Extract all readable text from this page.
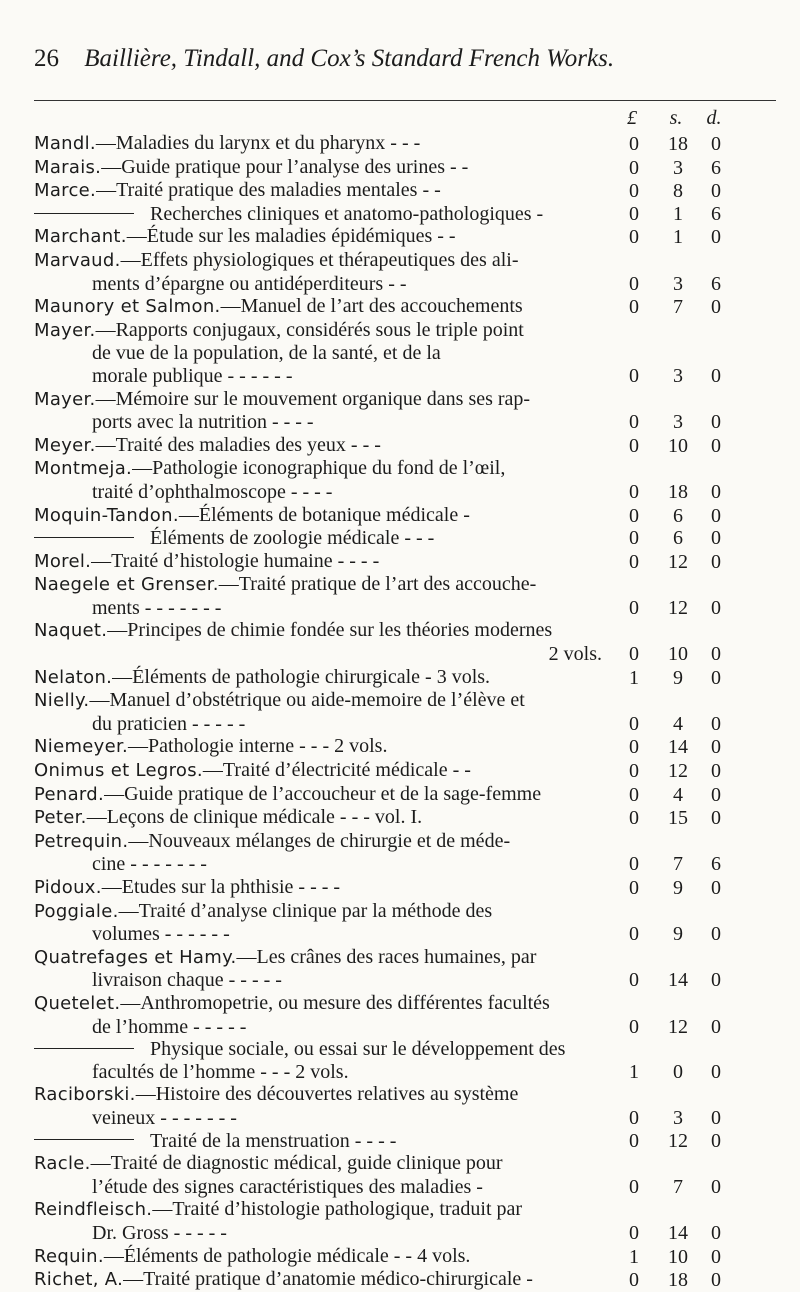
26 Baillière, Tindall, and Cox’s Standard French Works.
£	s.	d.
Mandl.—Maladies du larynx et du pharynx - - -	0	18	0
Marais.—Guide pratique pour l’analyse des urines - -	0	3	6
Marce.—Traité pratique des maladies mentales - -	0	8	0
Recherches cliniques et anatomo-pathologiques -	0	1	6
Marchant.—Étude sur les maladies épidémiques - -	0	1	0
Marvaud.—Effets physiologiques et thérapeutiques des ali-
ments d’épargne ou antidéperditeurs - -	0	3	6
Maunory et Salmon.—Manuel de l’art des accouchements	0	7	0
Mayer.—Rapports conjugaux, considérés sous le triple point
de vue de la population, de la santé, et de la
morale publique - - - - - -	0	3	0
Mayer.—Mémoire sur le mouvement organique dans ses rap-
ports avec la nutrition - - - -	0	3	0
Meyer.—Traité des maladies des yeux - - -	0	10	0
Montmeja.—Pathologie iconographique du fond de l’œil,
traité d’ophthalmoscope - - - -	0	18	0
Moquin-Tandon.—Éléments de botanique médicale -	0	6	0
Éléments de zoologie médicale - - -	0	6	0
Morel.—Traité d’histologie humaine - - - -	0	12	0
Naegele et Grenser.—Traité pratique de l’art des accouche-
ments - - - - - - -	0	12	0
Naquet.—Principes de chimie fondée sur les théories modernes
2 vols.	0	10	0
Nelaton.—Éléments de pathologie chirurgicale - 3 vols.	1	9	0
Nielly.—Manuel d’obstétrique ou aide-memoire de l’élève et
du praticien - - - - -	0	4	0
Niemeyer.—Pathologie interne - - - 2 vols.	0	14	0
Onimus et Legros.—Traité d’électricité médicale - -	0	12	0
Penard.—Guide pratique de l’accoucheur et de la sage-femme	0	4	0
Peter.—Leçons de clinique médicale - - - vol. I.	0	15	0
Petrequin.—Nouveaux mélanges de chirurgie et de méde-
cine - - - - - - -	0	7	6
Pidoux.—Etudes sur la phthisie - - - -	0	9	0
Poggiale.—Traité d’analyse clinique par la méthode des
volumes - - - - - -	0	9	0
Quatrefages et Hamy.—Les crânes des races humaines, par
livraison chaque - - - - -	0	14	0
Quetelet.—Anthromopetrie, ou mesure des différentes facultés
de l’homme - - - - -	0	12	0
Physique sociale, ou essai sur le développement des
facultés de l’homme - - - 2 vols.	1	0	0
Raciborski.—Histoire des découvertes relatives au système
veineux - - - - - - -	0	3	0
Traité de la menstruation - - - -	0	12	0
Racle.—Traité de diagnostic médical, guide clinique pour
l’étude des signes caractéristiques des maladies -	0	7	0
Reindfleisch.—Traité d’histologie pathologique, traduit par
Dr. Gross - - - - -	0	14	0
Requin.—Éléments de pathologie médicale - - 4 vols.	1	10	0
Richet, A.—Traité pratique d’anatomie médico-chirurgicale -	0	18	0
